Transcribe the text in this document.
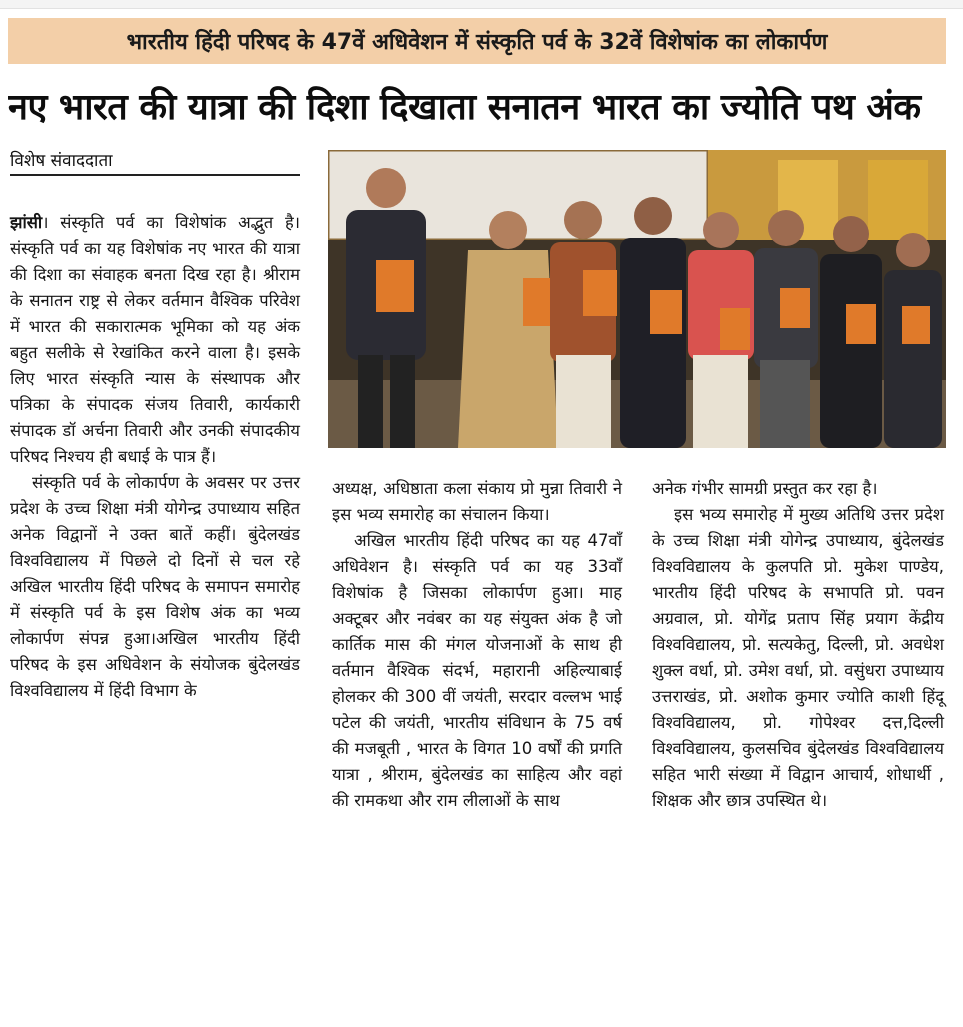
भारतीय हिंदी परिषद के 47वें अधिवेशन में संस्कृति पर्व के 32वें विशेषांक का लोकार्पण
नए भारत की यात्रा की दिशा दिखाता सनातन भारत का ज्योति पथ अंक
विशेष संवाददाता

झांसी। संस्कृति पर्व का विशेषांक अद्भुत है। संस्कृति पर्व का यह विशेषांक नए भारत की यात्रा की दिशा का संवाहक बनता दिख रहा है। श्रीराम के सनातन राष्ट्र से लेकर वर्तमान वैश्विक परिवेश में भारत की सकारात्मक भूमिका को यह अंक बहुत सलीके से रेखांकित करने वाला है। इसके लिए भारत संस्कृति न्यास के संस्थापक और पत्रिका के संपादक संजय तिवारी, कार्यकारी संपादक डॉ अर्चना तिवारी और उनकी संपादकीय परिषद निश्चय ही बधाई के पात्र हैं।

संस्कृति पर्व के लोकार्पण के अवसर पर उत्तर प्रदेश के उच्च शिक्षा मंत्री योगेन्द्र उपाध्याय सहित अनेक विद्वानों ने उक्त बातें कहीं। बुंदेलखंड विश्वविद्यालय में पिछले दो दिनों से चल रहे अखिल भारतीय हिंदी परिषद के समापन समारोह में संस्कृति पर्व के इस विशेष अंक का भव्य लोकार्पण संपन्न हुआ।अखिल भारतीय हिंदी परिषद के इस अधिवेशन के संयोजक बुंदेलखंड विश्वविद्यालय में हिंदी विभाग के

अध्यक्ष, अधिष्ठाता कला संकाय प्रो मुन्ना तिवारी ने इस भव्य समारोह का संचालन किया।

अखिल भारतीय हिंदी परिषद का यह 47वाँ अधिवेशन है। संस्कृति पर्व का यह 33वाँ विशेषांक है जिसका लोकार्पण हुआ। माह अक्टूबर और नवंबर का यह संयुक्त अंक है जो कार्तिक मास की मंगल योजनाओं के साथ ही वर्तमान वैश्विक संदर्भ, महारानी अहिल्याबाई होलकर की 300 वीं जयंती, सरदार वल्लभ भाई पटेल की जयंती, भारतीय संविधान के 75 वर्ष की मजबूती , भारत के विगत 10 वर्षों की प्रगति यात्रा , श्रीराम, बुंदेलखंड का साहित्य और वहां की रामकथा और राम लीलाओं के साथ

अनेक गंभीर सामग्री प्रस्तुत कर रहा है।

इस भव्य समारोह में मुख्य अतिथि उत्तर प्रदेश के उच्च शिक्षा मंत्री योगेन्द्र उपाध्याय, बुंदेलखंड विश्वविद्यालय के कुलपति प्रो. मुकेश पाण्डेय, भारतीय हिंदी परिषद के सभापति प्रो. पवन अग्रवाल, प्रो. योगेंद्र प्रताप सिंह प्रयाग केंद्रीय विश्वविद्यालय, प्रो. सत्यकेतु, दिल्ली, प्रो. अवधेश शुक्ल वर्धा, प्रो. उमेश वर्धा, प्रो. वसुंधरा उपाध्याय उत्तराखंड, प्रो. अशोक कुमार ज्योति काशी हिंदू विश्वविद्यालय, प्रो. गोपेश्वर दत्त,दिल्ली विश्वविद्यालय, कुलसचिव बुंदेलखंड विश्वविद्यालय सहित भारी संख्या में विद्वान आचार्य, शोधार्थी , शिक्षक और छात्र उपस्थित थे।
